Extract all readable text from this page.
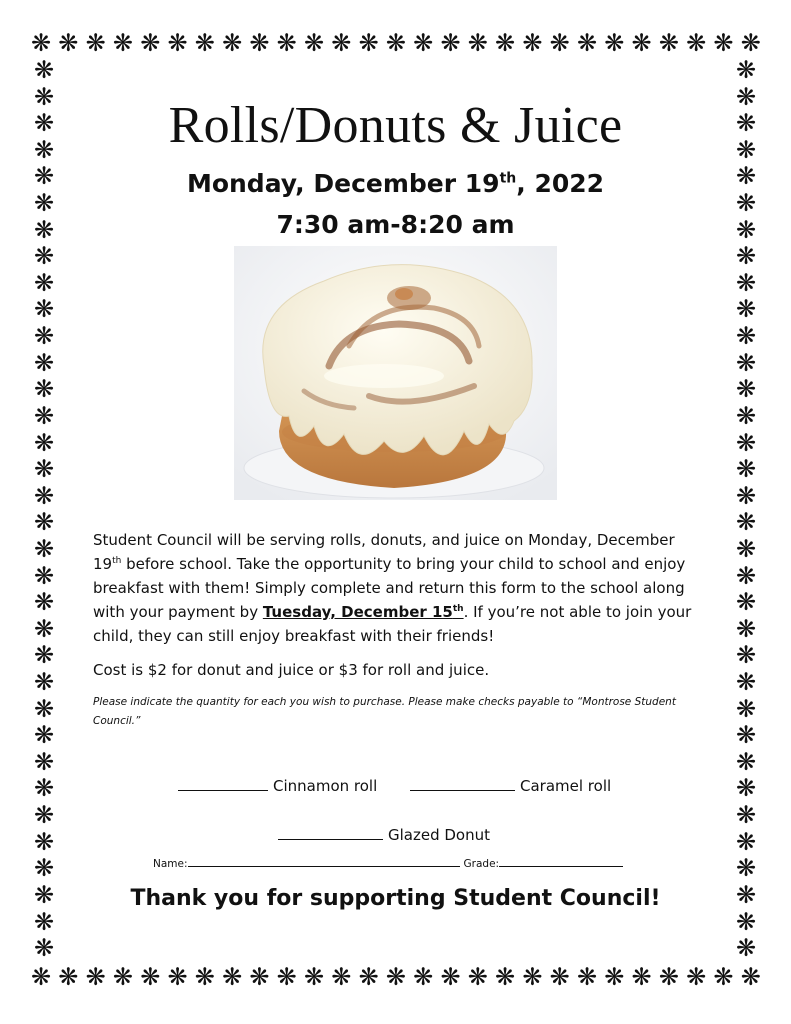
❋ ❋ ❋ ❋ ❋ ❋ ❋ ❋ ❋ ❋ ❋ ❋ ❋ ❋ ❋ ❋ ❋ ❋ ❋ ❋ ❋ ❋ ❋ ❋ ❋ ❋ ❋
❋ ❋ ❋ ❋ ❋ ❋ ❋ ❋ ❋ ❋ ❋ ❋ ❋ ❋ ❋ ❋ ❋ ❋ ❋ ❋ ❋ ❋ ❋ ❋ ❋ ❋ ❋
❋
❋
❋
❋
❋
❋
❋
❋
❋
❋
❋
❋
❋
❋
❋
❋
❋
❋
❋
❋
❋
❋
❋
❋
❋
❋
❋
❋
❋
❋
❋
❋
❋
❋
❋
❋
❋
❋
❋
❋
❋
❋
❋
❋
❋
❋
❋
❋
❋
❋
❋
❋
❋
❋
❋
❋
❋
❋
❋
❋
❋
❋
❋
❋
❋
❋
❋
❋
Rolls/Donuts & Juice

Monday, December 19th, 2022

7:30 am-8:20 am

Student Council will be serving rolls, donuts, and juice on Monday, December 19th before school. Take the opportunity to bring your child to school and enjoy breakfast with them! Simply complete and return this form to the school along with your payment by Tuesday, December 15th. If you’re not able to join your child, they can still enjoy breakfast with their friends!

Cost is $2 for donut and juice or $3 for roll and juice.

Please indicate the quantity for each you wish to purchase. Please make checks payable to “Montrose Student Council.”

Cinnamon roll	Caramel roll
Glazed Donut
Name:	Grade:

Thank you for supporting Student Council!
